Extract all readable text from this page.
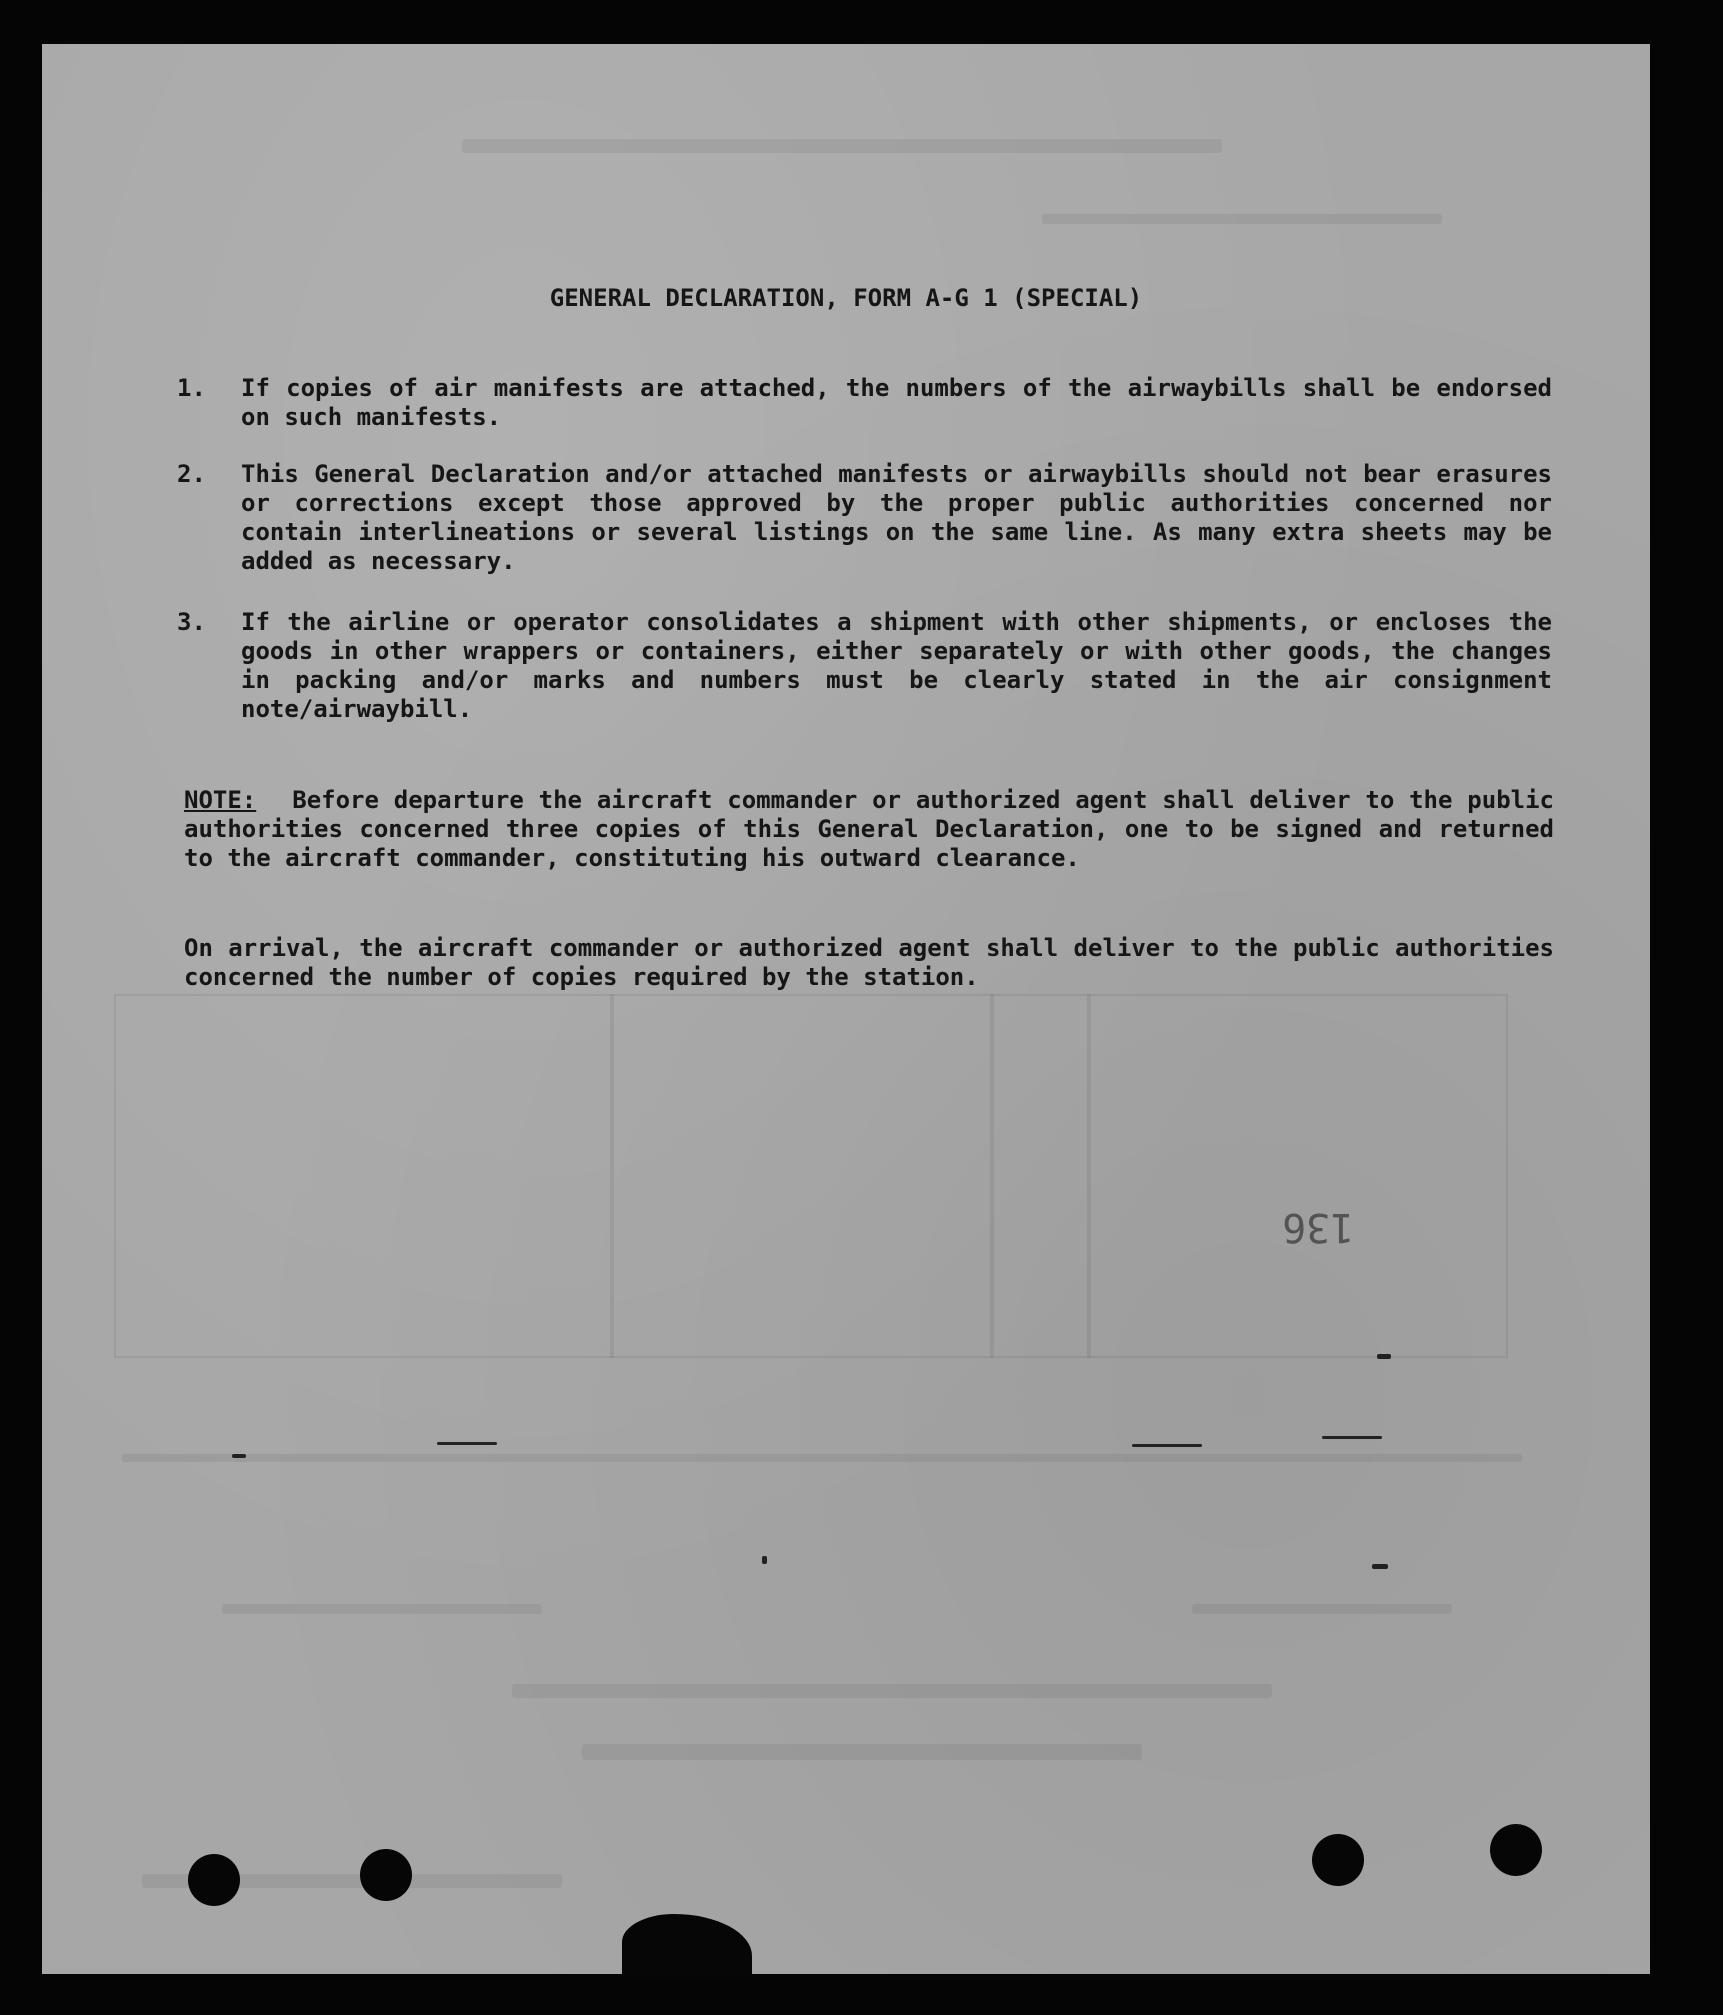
136
GENERAL DECLARATION, FORM A-G 1 (SPECIAL)
1.	If copies of air manifests are attached, the numbers of the airwaybills shall be endorsed on such manifests.
2.	This General Declaration and/or attached manifests or airwaybills should not bear erasures or corrections except those approved by the proper public authorities concerned nor contain interlineations or several listings on the same line. As many extra sheets may be added as necessary.
3.	If the airline or operator consolidates a shipment with other shipments, or encloses the goods in other wrappers or containers, either separately or with other goods, the changes in packing and/or marks and numbers must be clearly stated in the air consignment note/airwaybill.
NOTE: Before departure the aircraft commander or authorized agent shall deliver to the public authorities concerned three copies of this General Declaration, one to be signed and returned to the aircraft commander, constituting his outward clearance.
On arrival, the aircraft commander or authorized agent shall deliver to the public authorities concerned the number of copies required by the station.
